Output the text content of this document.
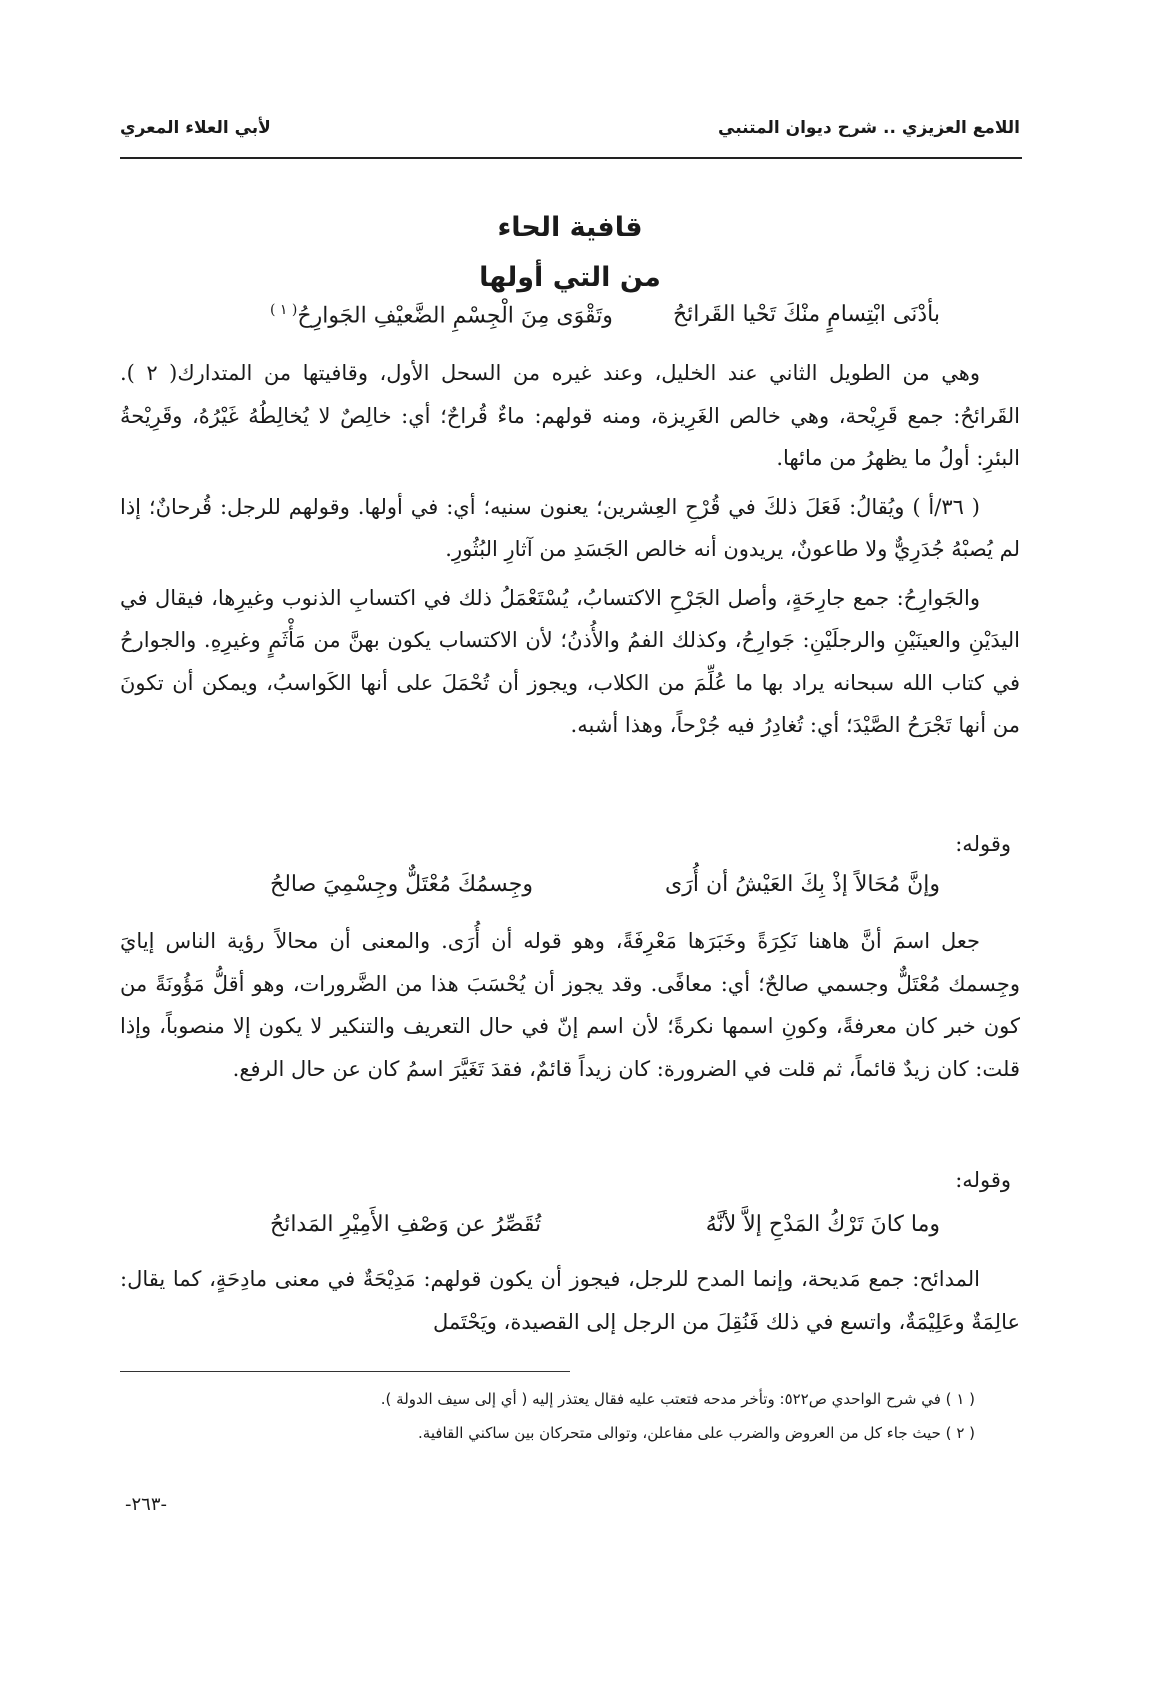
اللامع العزيزي .. شرح ديوان المتنبي
لأبي العلاء المعري
قافية الحاء
من التي أولها
بأدْنَى ابْتِسامٍ منْكَ تَحْيا القَرائحُ
وتَقْوَى مِنَ الْجِسْمِ الضَّعيْفِ الجَوارِحُ$^{( ١ )}$

وهي من الطويل الثاني عند الخليل، وعند غيره من السحل الأول، وقافيتها من المتدارك( ٢ ). القَرائحُ: جمع قَرِيْحة، وهي خالص الغَرِيزة، ومنه قولهم: ماءٌ قُراحٌ؛ أي: خالِصٌ لا يُخالِطُهُ غَيْرُهُ، وقَرِيْحةُ البئرِ: أولُ ما يظهرُ من مائها.

( ٣٦/أ ) ويُقالُ: فَعَلَ ذلكَ في قُرْحِ العِشرين؛ يعنون سنيه؛ أي: في أولها. وقولهم للرجل: قُرحانٌ؛ إذا لم يُصبْهُ جُدَرِيٌّ ولا طاعونٌ، يريدون أنه خالص الجَسَدِ من آثارِ البُثُورِ.

والجَوارِحُ: جمع جارِحَةٍ، وأصل الجَرْحِ الاكتسابُ، يُسْتَعْمَلُ ذلك في اكتسابِ الذنوب وغيرِها، فيقال في اليدَيْنِ والعينَيْنِ والرجلَيْنِ: جَوارِحُ، وكذلك الفمُ والأُذنُ؛ لأن الاكتساب يكون بهنَّ من مَأْثَمٍ وغيرِهِ. والجوارحُ في كتاب الله سبحانه يراد بها ما عُلِّمَ من الكلاب، ويجوز أن تُحْمَلَ على أنها الكَواسبُ، ويمكن أن تكونَ من أنها تَجْرَحُ الصَّيْدَ؛ أي: تُغادِرُ فيه جُرْحاً، وهذا أشبه.

وقوله:
وإنَّ مُحَالاً إذْ بِكَ العَيْشُ أن أُرَى
وجِسمُكَ مُعْتَلٌّ وجِسْمِيَ صالحُ

جعل اسمَ أنَّ هاهنا نَكِرَةً وخَبَرَها مَعْرِفَةً، وهو قوله أن أُرَى. والمعنى أن محالاً رؤية الناس إيايَ وجِسمك مُعْتَلٌّ وجسمي صالحٌ؛ أي: معافًى. وقد يجوز أن يُحْسَبَ هذا من الضَّرورات، وهو أقلُّ مَؤُونَةً من كون خبر كان معرفةً، وكونِ اسمها نكرةً؛ لأن اسم إنّ في حال التعريف والتنكير لا يكون إلا منصوباً، وإذا قلت: كان زيدٌ قائماً، ثم قلت في الضرورة: كان زيداً قائمٌ، فقدَ تَغَيَّرَ اسمُ كان عن حال الرفع.

وقوله:
وما كانَ تَرْكُ المَدْحِ إلاَّ لأنَّهُ
تُقَصِّرُ عن وَصْفِ الأَمِيْرِ المَدائحُ

المدائح: جمع مَديحة، وإنما المدح للرجل، فيجوز أن يكون قولهم: مَدِيْحَةٌ في معنى مادِحَةٍ، كما يقال: عالِمَةٌ وعَلِيْمَةٌ، واتسع في ذلك فَنُقِلَ من الرجل إلى القصيدة، ويَحْتَمل

( ١ ) في شرح الواحدي ص٥٢٢: وتأخر مدحه فتعتب عليه فقال يعتذر إليه ( أي إلى سيف الدولة ).

( ٢ ) حيث جاء كل من العروض والضرب على مفاعلن، وتوالى متحركان بين ساكني القافية.

-٢٦٣-
